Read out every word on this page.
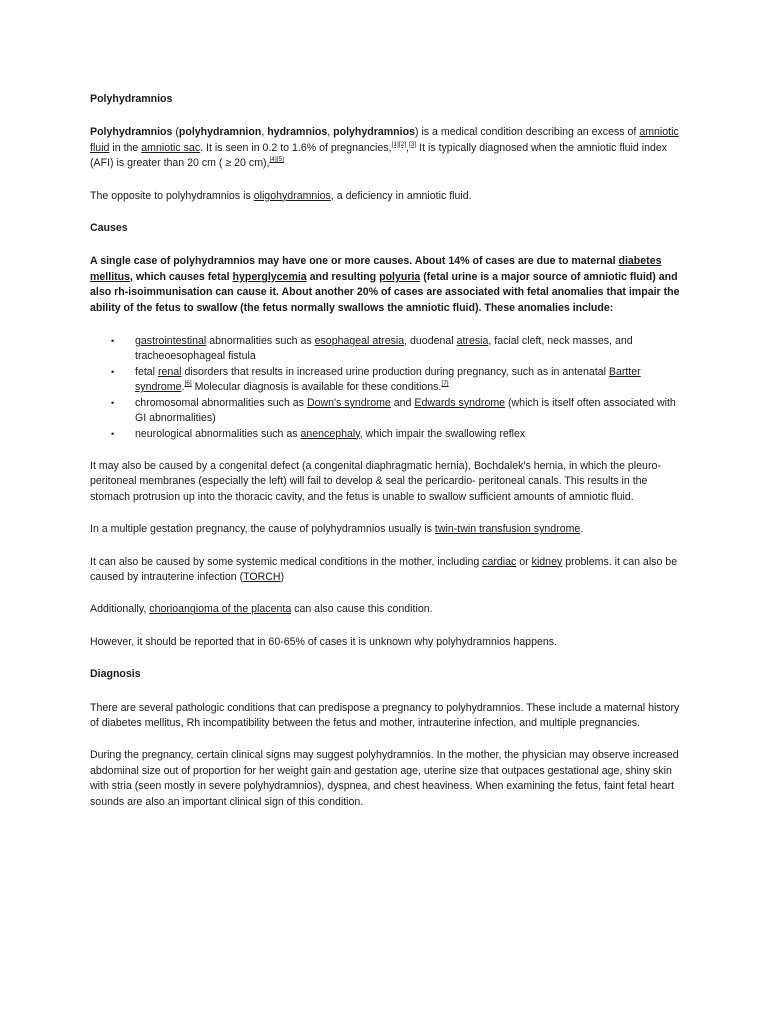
Polyhydramnios

Polyhydramnios (polyhydramnion, hydramnios, polyhydramnios) is a medical condition describing an excess of amniotic fluid in the amniotic sac. It is seen in 0.2 to 1.6% of pregnancies,[1][2],[3] It is typically diagnosed when the amniotic fluid index (AFI) is greater than 20 cm ( ≥ 20 cm),[4][5]

The opposite to polyhydramnios is oligohydramnios, a deficiency in amniotic fluid.

Causes

A single case of polyhydramnios may have one or more causes. About 14% of cases are due to maternal diabetes mellitus, which causes fetal hyperglycemia and resulting polyuria (fetal urine is a major source of amniotic fluid) and also rh-isoimmunisation can cause it. About another 20% of cases are associated with fetal anomalies that impair the ability of the fetus to swallow (the fetus normally swallows the amniotic fluid). These anomalies include:

• gastrointestinal abnormalities such as esophageal atresia, duodenal atresia, facial cleft, neck masses, and tracheoesophageal fistula
• fetal renal disorders that results in increased urine production during pregnancy, such as in antenatal Bartter syndrome.[6] Molecular diagnosis is available for these conditions.[7]
• chromosomal abnormalities such as Down's syndrome and Edwards syndrome (which is itself often associated with GI abnormalities)
• neurological abnormalities such as anencephaly, which impair the swallowing reflex

It may also be caused by a congenital defect (a congenital diaphragmatic hernia), Bochdalek's hernia, in which the pleuro-peritoneal membranes (especially the left) will fail to develop & seal the pericardio- peritoneal canals. This results in the stomach protrusion up into the thoracic cavity, and the fetus is unable to swallow sufficient amounts of amniotic fluid.

In a multiple gestation pregnancy, the cause of polyhydramnios usually is twin-twin transfusion syndrome.

It can also be caused by some systemic medical conditions in the mother, including cardiac or kidney problems. it can also be caused by intrauterine infection (TORCH)

Additionally, chorioangioma of the placenta can also cause this condition.

However, it should be reported that in 60-65% of cases it is unknown why polyhydramnios happens.

Diagnosis

There are several pathologic conditions that can predispose a pregnancy to polyhydramnios. These include a maternal history of diabetes mellitus, Rh incompatibility between the fetus and mother, intrauterine infection, and multiple pregnancies.

During the pregnancy, certain clinical signs may suggest polyhydramnios. In the mother, the physician may observe increased abdominal size out of proportion for her weight gain and gestation age, uterine size that outpaces gestational age, shiny skin with stria (seen mostly in severe polyhydramnios), dyspnea, and chest heaviness. When examining the fetus, faint fetal heart sounds are also an important clinical sign of this condition.
